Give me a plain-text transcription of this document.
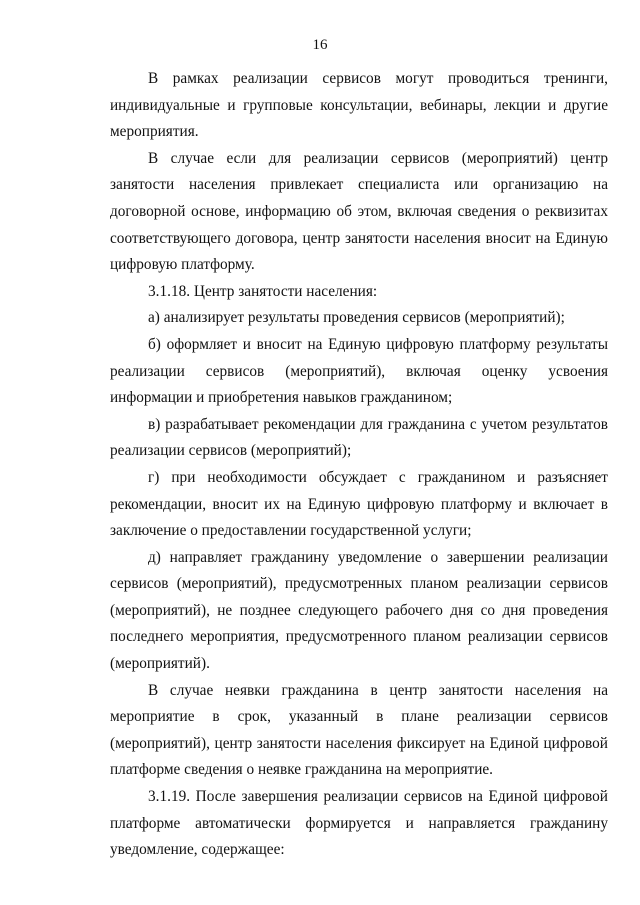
16

В рамках реализации сервисов могут проводиться тренинги, индивидуальные и групповые консультации, вебинары, лекции и другие мероприятия.

В случае если для реализации сервисов (мероприятий) центр занятости населения привлекает специалиста или организацию на договорной основе, информацию об этом, включая сведения о реквизитах соответствующего договора, центр занятости населения вносит на Единую цифровую платформу.

3.1.18. Центр занятости населения:

а) анализирует результаты проведения сервисов (мероприятий);

б) оформляет и вносит на Единую цифровую платформу результаты реализации сервисов (мероприятий), включая оценку усвоения информации и приобретения навыков гражданином;

в) разрабатывает рекомендации для гражданина с учетом результатов реализации сервисов (мероприятий);

г) при необходимости обсуждает с гражданином и разъясняет рекомендации, вносит их на Единую цифровую платформу и включает в заключение о предоставлении государственной услуги;

д) направляет гражданину уведомление о завершении реализации сервисов (мероприятий), предусмотренных планом реализации сервисов (мероприятий), не позднее следующего рабочего дня со дня проведения последнего мероприятия, предусмотренного планом реализации сервисов (мероприятий).

В случае неявки гражданина в центр занятости населения на мероприятие в срок, указанный в плане реализации сервисов (мероприятий), центр занятости населения фиксирует на Единой цифровой платформе сведения о неявке гражданина на мероприятие.

3.1.19. После завершения реализации сервисов на Единой цифровой платформе автоматически формируется и направляется гражданину уведомление, содержащее:
